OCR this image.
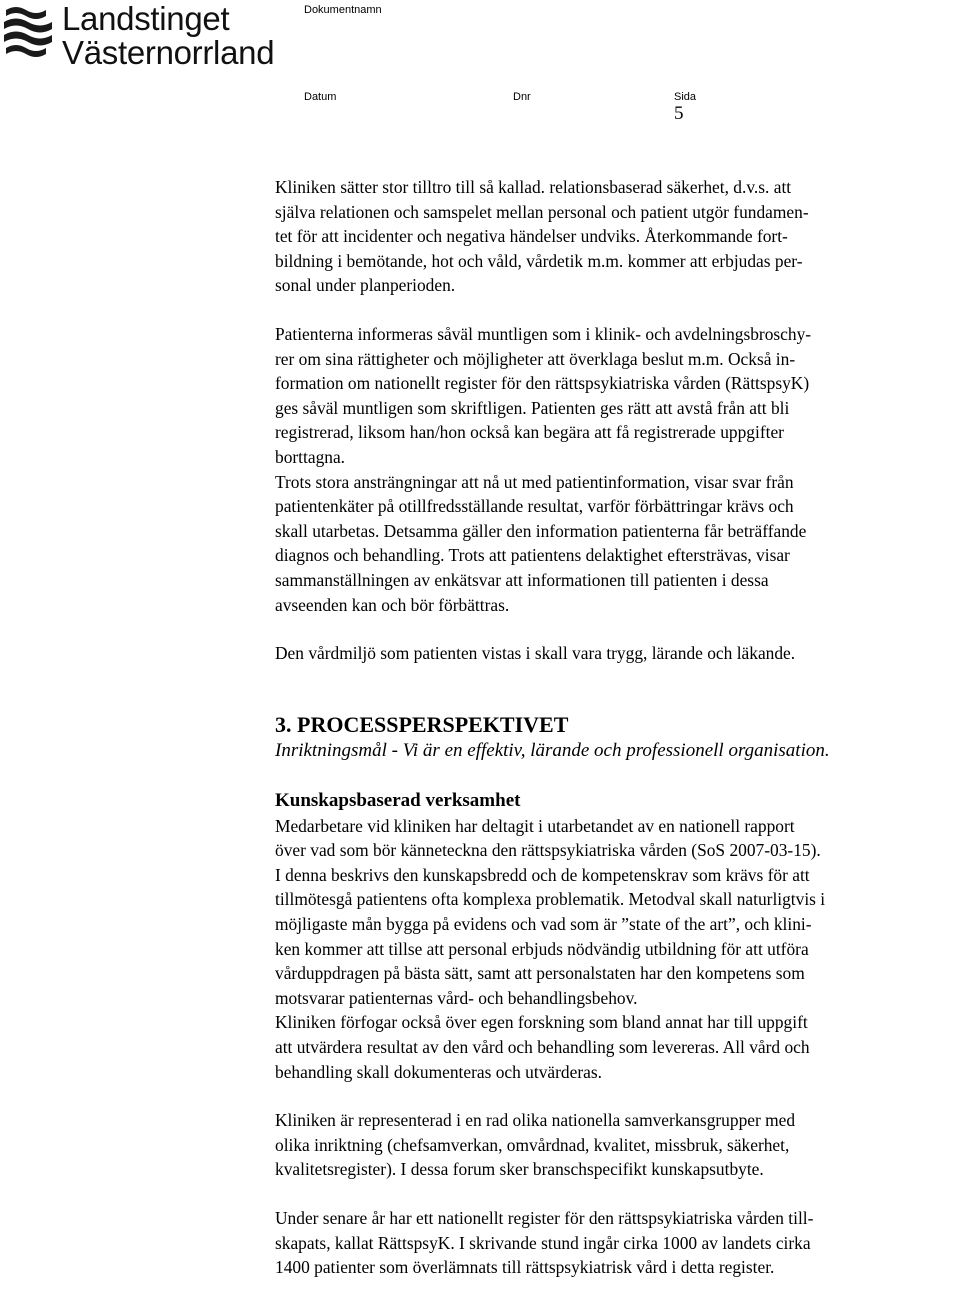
Landstinget
Västernorrland
Dokumentnamn
Datum	Dnr	Sida
5

Kliniken sätter stor tilltro till så kallad. relationsbaserad säkerhet, d.v.s. att

själva relationen och samspelet mellan personal och patient utgör fundamen-

tet för att incidenter och negativa händelser undviks. Återkommande fort-

bildning i bemötande, hot och våld, vårdetik m.m. kommer att erbjudas per-

sonal under planperioden.

Patienterna informeras såväl muntligen som i klinik- och avdelningsbroschy-

rer om sina rättigheter och möjligheter att överklaga beslut m.m. Också in-

formation om nationellt register för den rättspsykiatriska vården (RättspsyK)

ges såväl muntligen som skriftligen. Patienten ges rätt att avstå från att bli

registrerad, liksom han/hon också kan begära att få registrerade uppgifter

borttagna.

Trots stora ansträngningar att nå ut med patientinformation, visar svar från

patientenkäter på otillfredsställande resultat, varför förbättringar krävs och

skall utarbetas. Detsamma gäller den information patienterna får beträffande

diagnos och behandling. Trots att patientens delaktighet eftersträvas, visar

sammanställningen av enkätsvar att informationen till patienten i dessa

avseenden kan och bör förbättras.

Den vårdmiljö som patienten vistas i skall vara trygg, lärande och läkande.

3. PROCESSPERSPEKTIVET

Inriktningsmål - Vi är en effektiv, lärande och professionell organisation.

Kunskapsbaserad verksamhet

Medarbetare vid kliniken har deltagit i utarbetandet av en nationell rapport

över vad som bör känneteckna den rättspsykiatriska vården (SoS 2007-03-15).

I denna beskrivs den kunskapsbredd och de kompetenskrav som krävs för att

tillmötesgå patientens ofta komplexa problematik. Metodval skall naturligtvis i

möjligaste mån bygga på evidens och vad som är ”state of the art”, och klini-

ken kommer att tillse att personal erbjuds nödvändig utbildning för att utföra

vårduppdragen på bästa sätt, samt att personalstaten har den kompetens som

motsvarar patienternas vård- och behandlingsbehov.

Kliniken förfogar också över egen forskning som bland annat har till uppgift

att utvärdera resultat av den vård och behandling som levereras. All vård och

behandling skall dokumenteras och utvärderas.

Kliniken är representerad i en rad olika nationella samverkansgrupper med

olika inriktning (chefsamverkan, omvårdnad, kvalitet, missbruk, säkerhet,

kvalitetsregister). I dessa forum sker branschspecifikt kunskapsutbyte.

Under senare år har ett nationellt register för den rättspsykiatriska vården till-

skapats, kallat RättspsyK. I skrivande stund ingår cirka 1000 av landets cirka

1400 patienter som överlämnats till rättspsykiatrisk vård i detta register.
